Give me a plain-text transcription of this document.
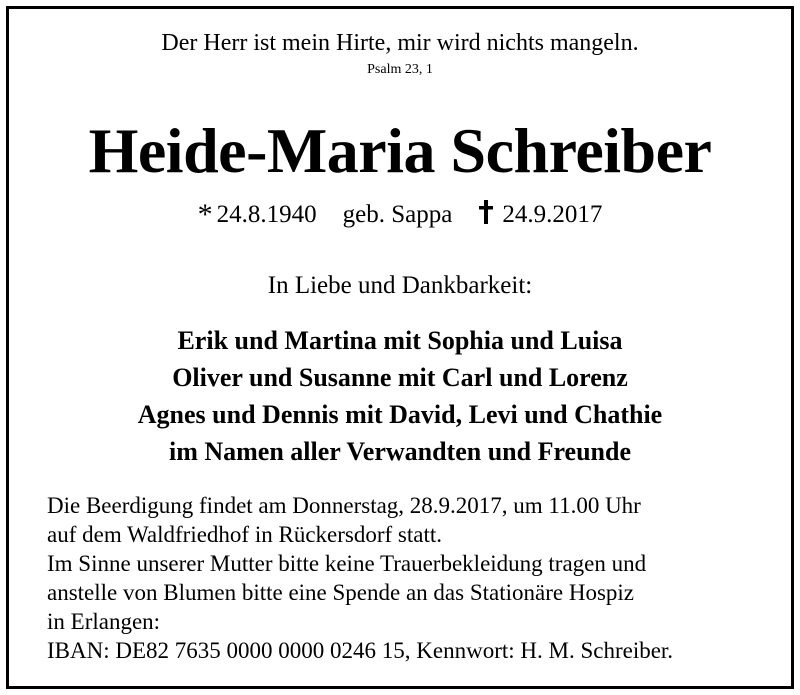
Der Herr ist mein Hirte, mir wird nichts mangeln.
Psalm 23, 1
Heide-Maria Schreiber
* 24.8.1940 geb. Sappa 24.9.2017
In Liebe und Dankbarkeit:
Erik und Martina mit Sophia und Luisa
Oliver und Susanne mit Carl und Lorenz
Agnes und Dennis mit David, Levi und Chathie
im Namen aller Verwandten und Freunde
Die Beerdigung findet am Donnerstag, 28.9.2017, um 11.00 Uhr
auf dem Waldfriedhof in Rückersdorf statt.
Im Sinne unserer Mutter bitte keine Trauerbekleidung tragen und
anstelle von Blumen bitte eine Spende an das Stationäre Hospiz
in Erlangen:
IBAN: DE82 7635 0000 0000 0246 15, Kennwort: H. M. Schreiber.
